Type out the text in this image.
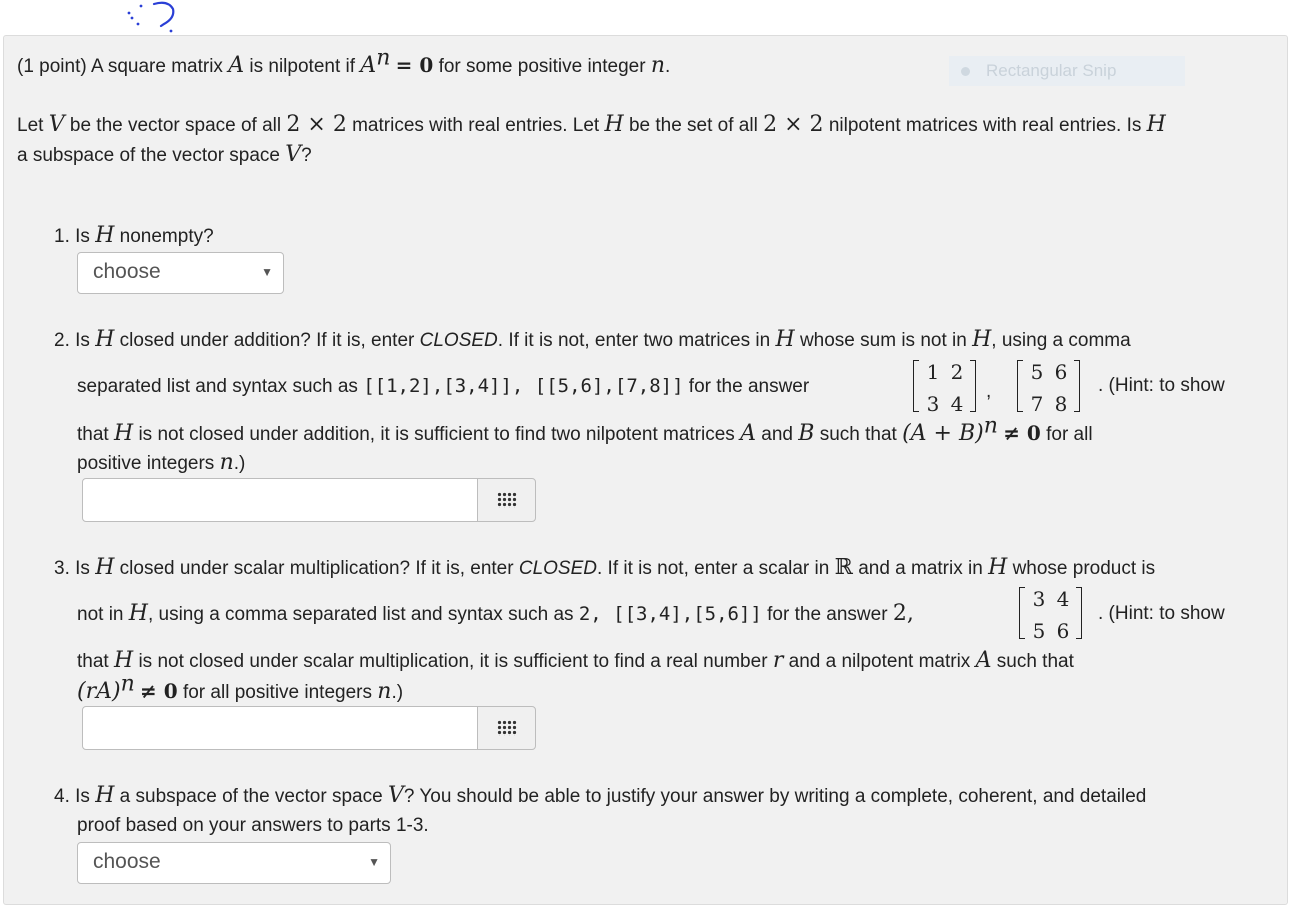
(1 point) A square matrix A is nilpotent if $A^n = 0$ for some positive integer n.	Rectangular Snip
Let V be the vector space of all 2 × 2 matrices with real entries. Let H be the set of all 2 × 2 nilpotent matrices with real entries. Is H
a subspace of the vector space V?
1. Is H nonempty?
choose	▼
2. Is H closed under addition? If it is, enter CLOSED. If it is not, enter two matrices in H whose sum is not in H, using a comma
separated list and syntax such as [[1,2],[3,4]], [[5,6],[7,8]] for the answer
1 2
3 4
,
5 6
7 8
. (Hint: to show
that H is not closed under addition, it is sufficient to find two nilpotent matrices A and B such that $(A + B)^n \ne 0$ for all
positive integers n.)
3. Is H closed under scalar multiplication? If it is, enter CLOSED. If it is not, enter a scalar in ℝ and a matrix in H whose product is
not in H, using a comma separated list and syntax such as 2, [[3,4],[5,6]] for the answer 2,
3 4
5 6
. (Hint: to show
that H is not closed under scalar multiplication, it is sufficient to find a real number r and a nilpotent matrix A such that
(rA)$^n$ ≠ 0 for all positive integers n.)
4. Is H a subspace of the vector space V? You should be able to justify your answer by writing a complete, coherent, and detailed
proof based on your answers to parts 1-3.
choose	▼
